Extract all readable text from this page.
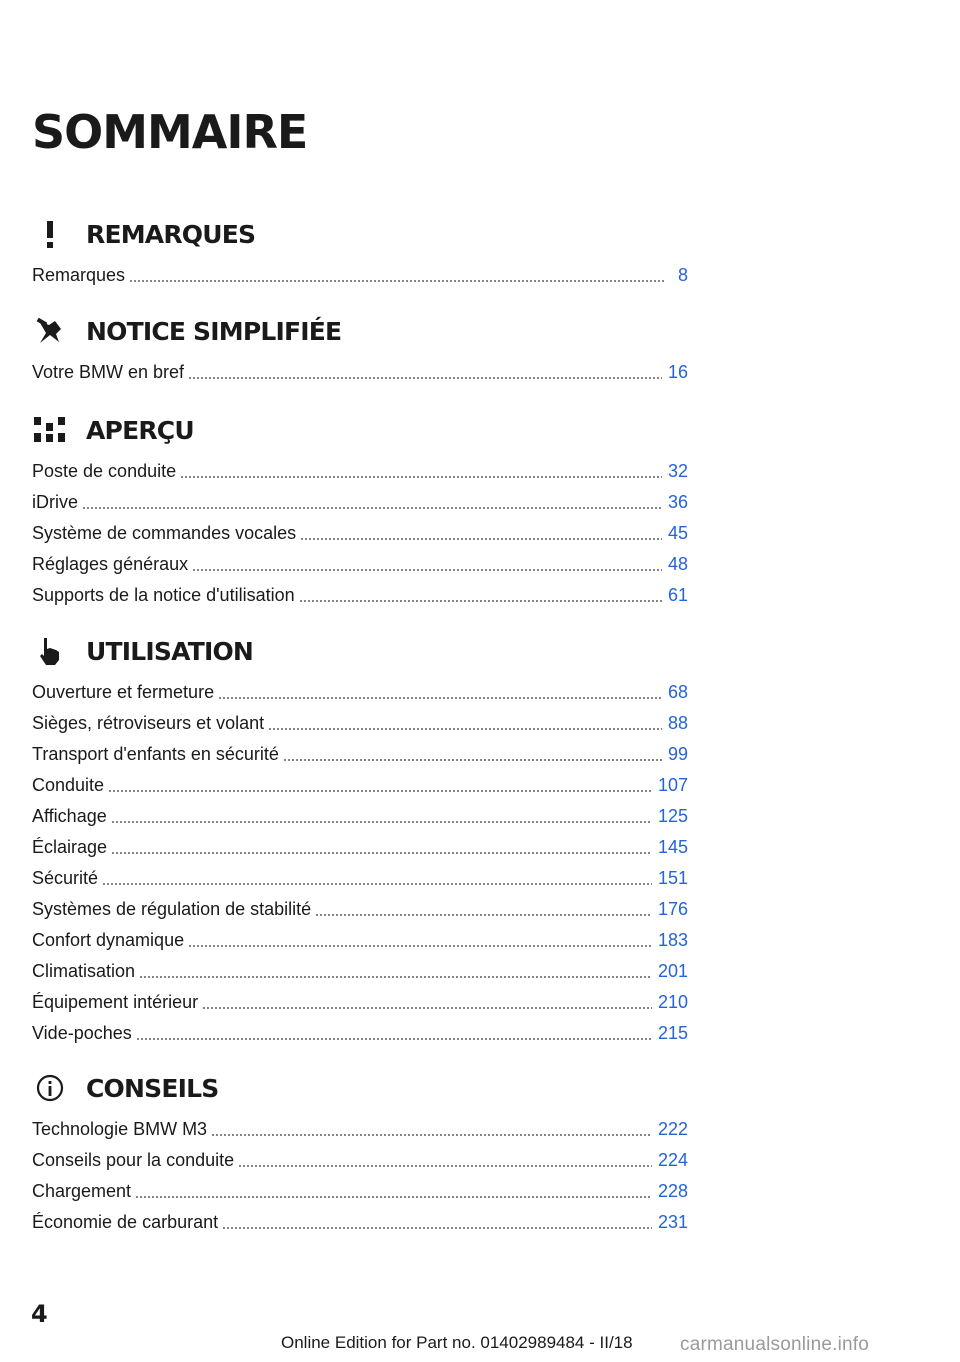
SOMMAIRE
REMARQUES
Remarques	8
NOTICE SIMPLIFIÉE
Votre BMW en bref	16
APERÇU
Poste de conduite	32
iDrive	36
Système de commandes vocales	45
Réglages généraux	48
Supports de la notice d'utilisation	61
UTILISATION
Ouverture et fermeture	68
Sièges, rétroviseurs et volant	88
Transport d'enfants en sécurité	99
Conduite	107
Affichage	125
Éclairage	145
Sécurité	151
Systèmes de régulation de stabilité	176
Confort dynamique	183
Climatisation	201
Équipement intérieur	210
Vide-poches	215
CONSEILS
Technologie BMW M3	222
Conseils pour la conduite	224
Chargement	228
Économie de carburant	231
4
Online Edition for Part no. 01402989484 - II/18 carmanualsonline.info
